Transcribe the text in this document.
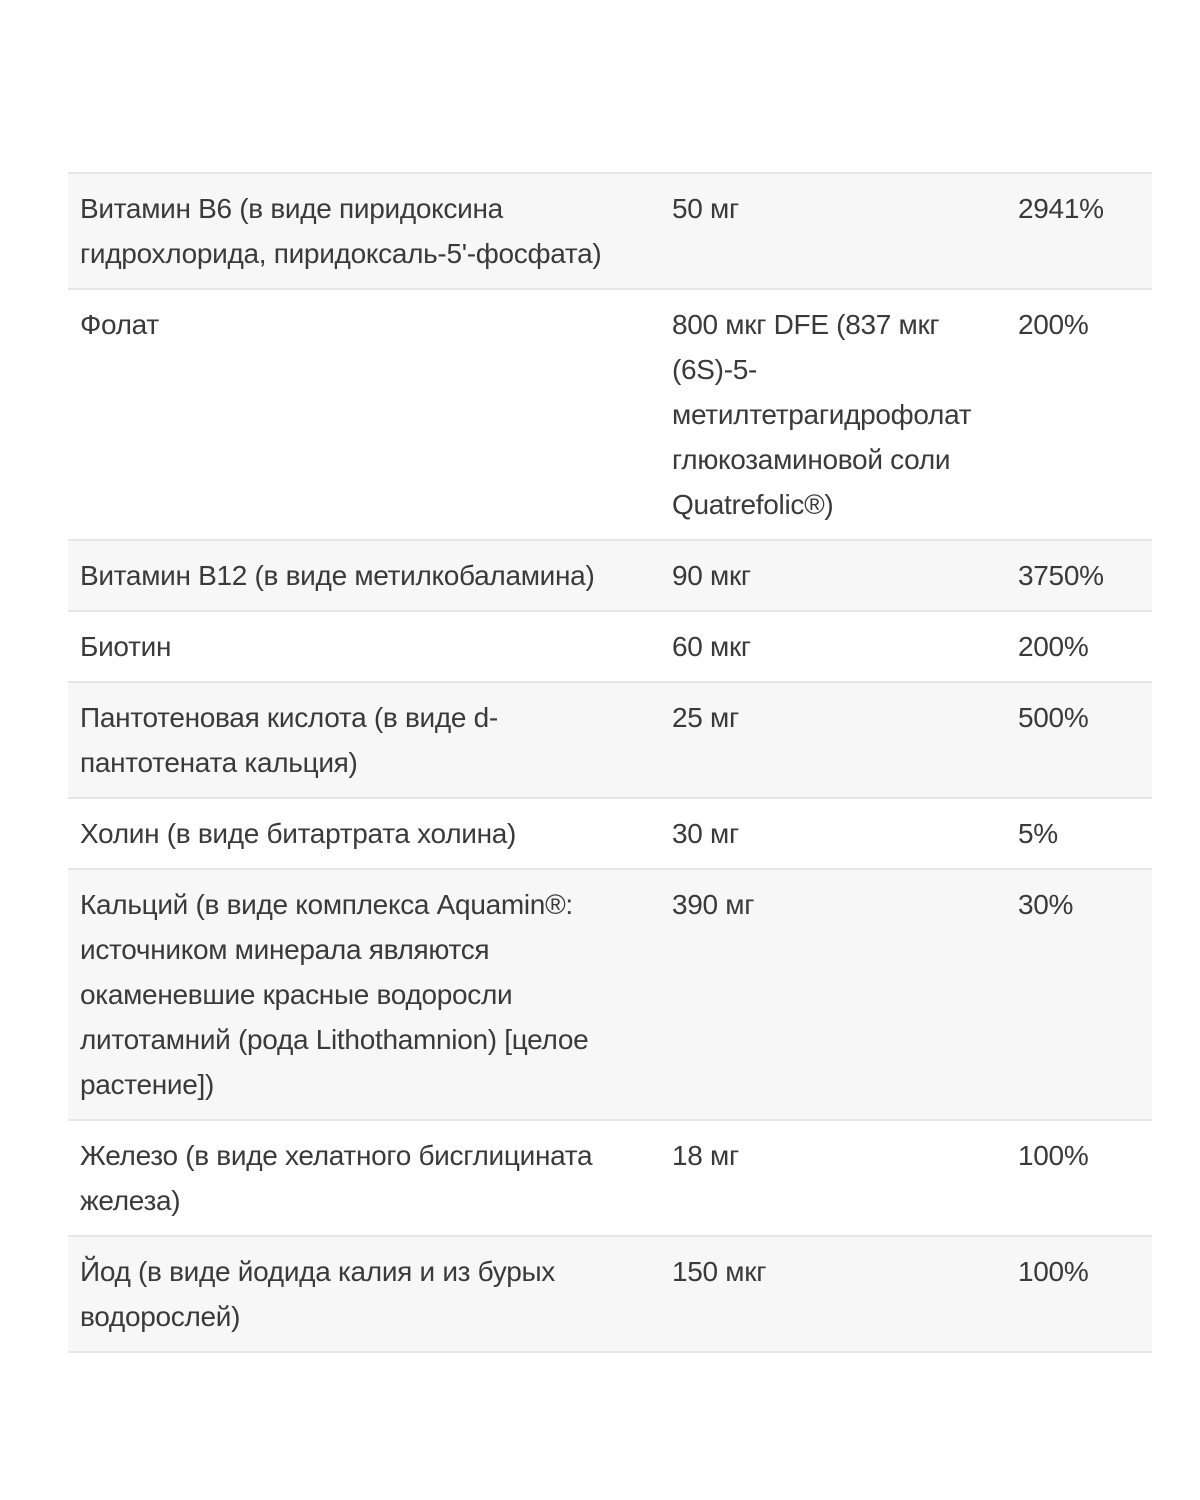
Витамин B6 (в виде пиридоксина гидрохлорида, пиридоксаль-5'-фосфата)	50 мг	2941%
Фолат	800 мкг DFE (837 мкг (6S)-5-метилтетрагидрофолат глюкозаминовой соли Quatrefolic®)	200%
Витамин B12 (в виде метилкобаламина)	90 мкг	3750%
Биотин	60 мкг	200%
Пантотеновая кислота (в виде d-пантотената кальция)	25 мг	500%
Холин (в виде битартрата холина)	30 мг	5%
Кальций (в виде комплекса Aquamin®: источником минерала являются окаменевшие красные водоросли литотамний (рода Lithothamnion) [целое растение])	390 мг	30%
Железо (в виде хелатного бисглицината железа)	18 мг	100%
Йод (в виде йодида калия и из бурых водорослей)	150 мкг	100%
